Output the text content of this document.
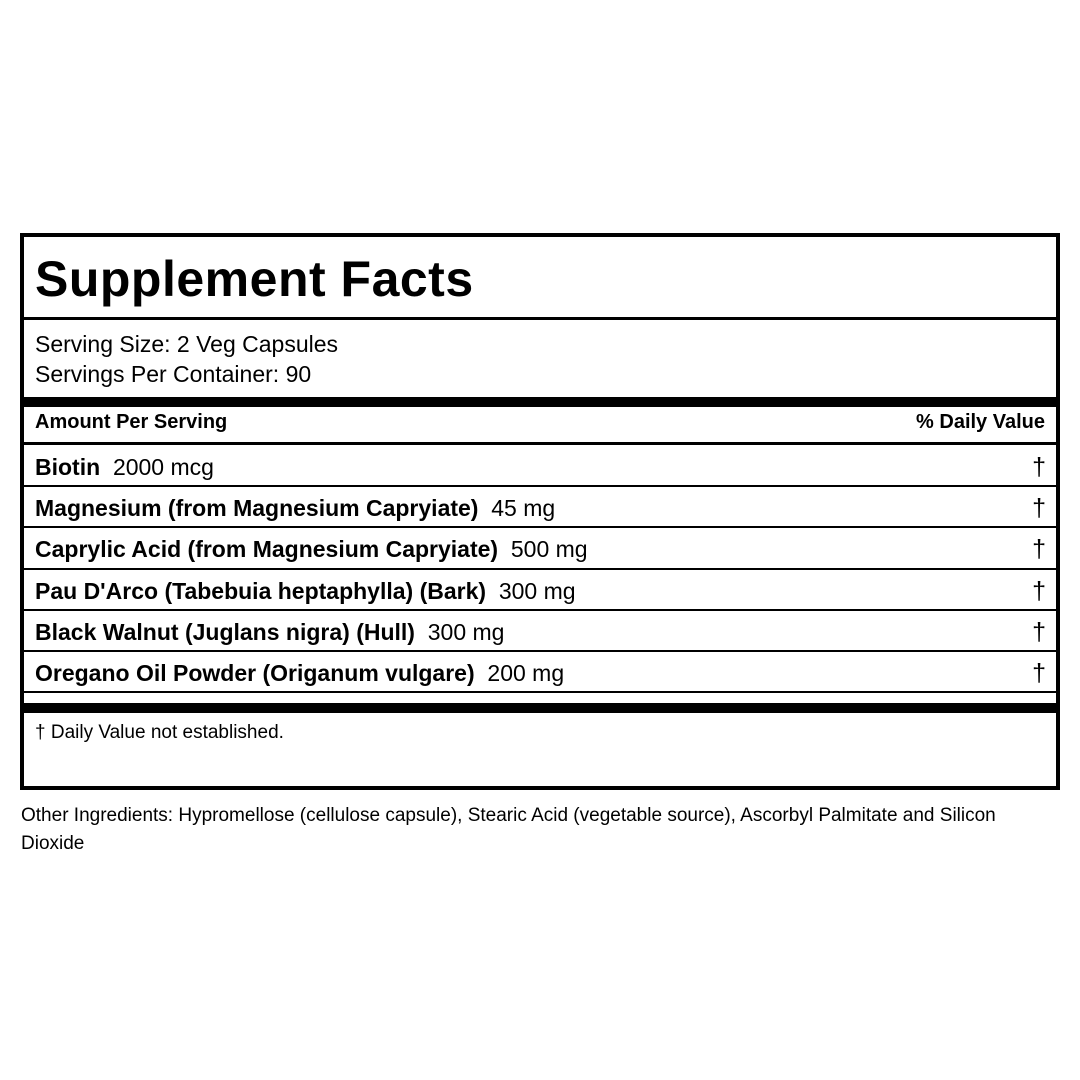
Supplement Facts
Serving Size: 2 Veg Capsules
Servings Per Container: 90
Amount Per Serving	% Daily Value
Biotin 2000 mcg	†
Magnesium (from Magnesium Capryiate) 45 mg	†
Caprylic Acid (from Magnesium Capryiate) 500 mg	†
Pau D'Arco (Tabebuia heptaphylla) (Bark) 300 mg	†
Black Walnut (Juglans nigra) (Hull) 300 mg	†
Oregano Oil Powder (Origanum vulgare) 200 mg	†
† Daily Value not established.
Other Ingredients: Hypromellose (cellulose capsule), Stearic Acid (vegetable source), Ascorbyl Palmitate and Silicon Dioxide
